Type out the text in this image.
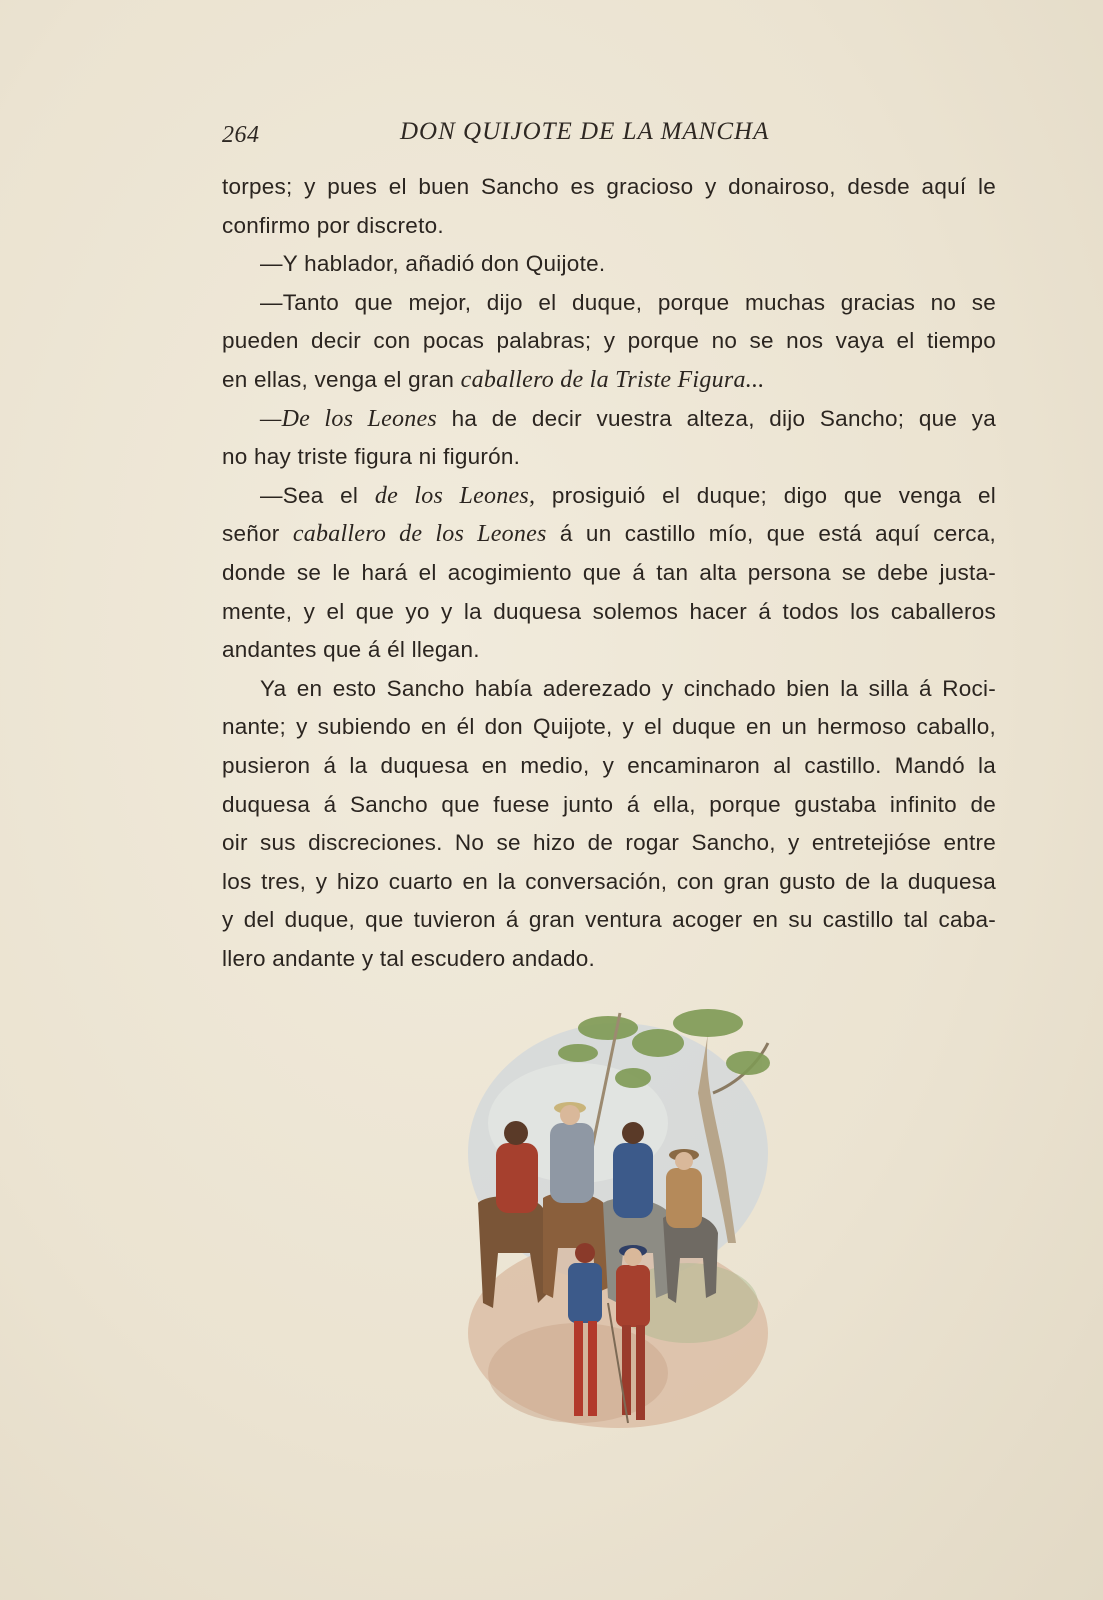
264	DON QUIJOTE DE LA MANCHA
torpes; y pues el buen Sancho es gracioso y donairoso, desde aquí le
confirmo por discreto.
—Y hablador, añadió don Quijote.
—Tanto que mejor, dijo el duque, porque muchas gracias no se
pueden decir con pocas palabras; y porque no se nos vaya el tiempo
en ellas, venga el gran caballero de la Triste Figura...
—De los Leones ha de decir vuestra alteza, dijo Sancho; que ya
no hay triste figura ni figurón.
—Sea el de los Leones, prosiguió el duque; digo que venga el
señor caballero de los Leones á un castillo mío, que está aquí cerca,
donde se le hará el acogimiento que á tan alta persona se debe justa-
mente, y el que yo y la duquesa solemos hacer á todos los caballeros
andantes que á él llegan.
Ya en esto Sancho había aderezado y cinchado bien la silla á Roci-
nante; y subiendo en él don Quijote, y el duque en un hermoso caballo,
pusieron á la duquesa en medio, y encaminaron al castillo. Mandó la
duquesa á Sancho que fuese junto á ella, porque gustaba infinito de
oir sus discreciones. No se hizo de rogar Sancho, y entretejióse entre
los tres, y hizo cuarto en la conversación, con gran gusto de la duquesa
y del duque, que tuvieron á gran ventura acoger en su castillo tal caba-
llero andante y tal escudero andado.
